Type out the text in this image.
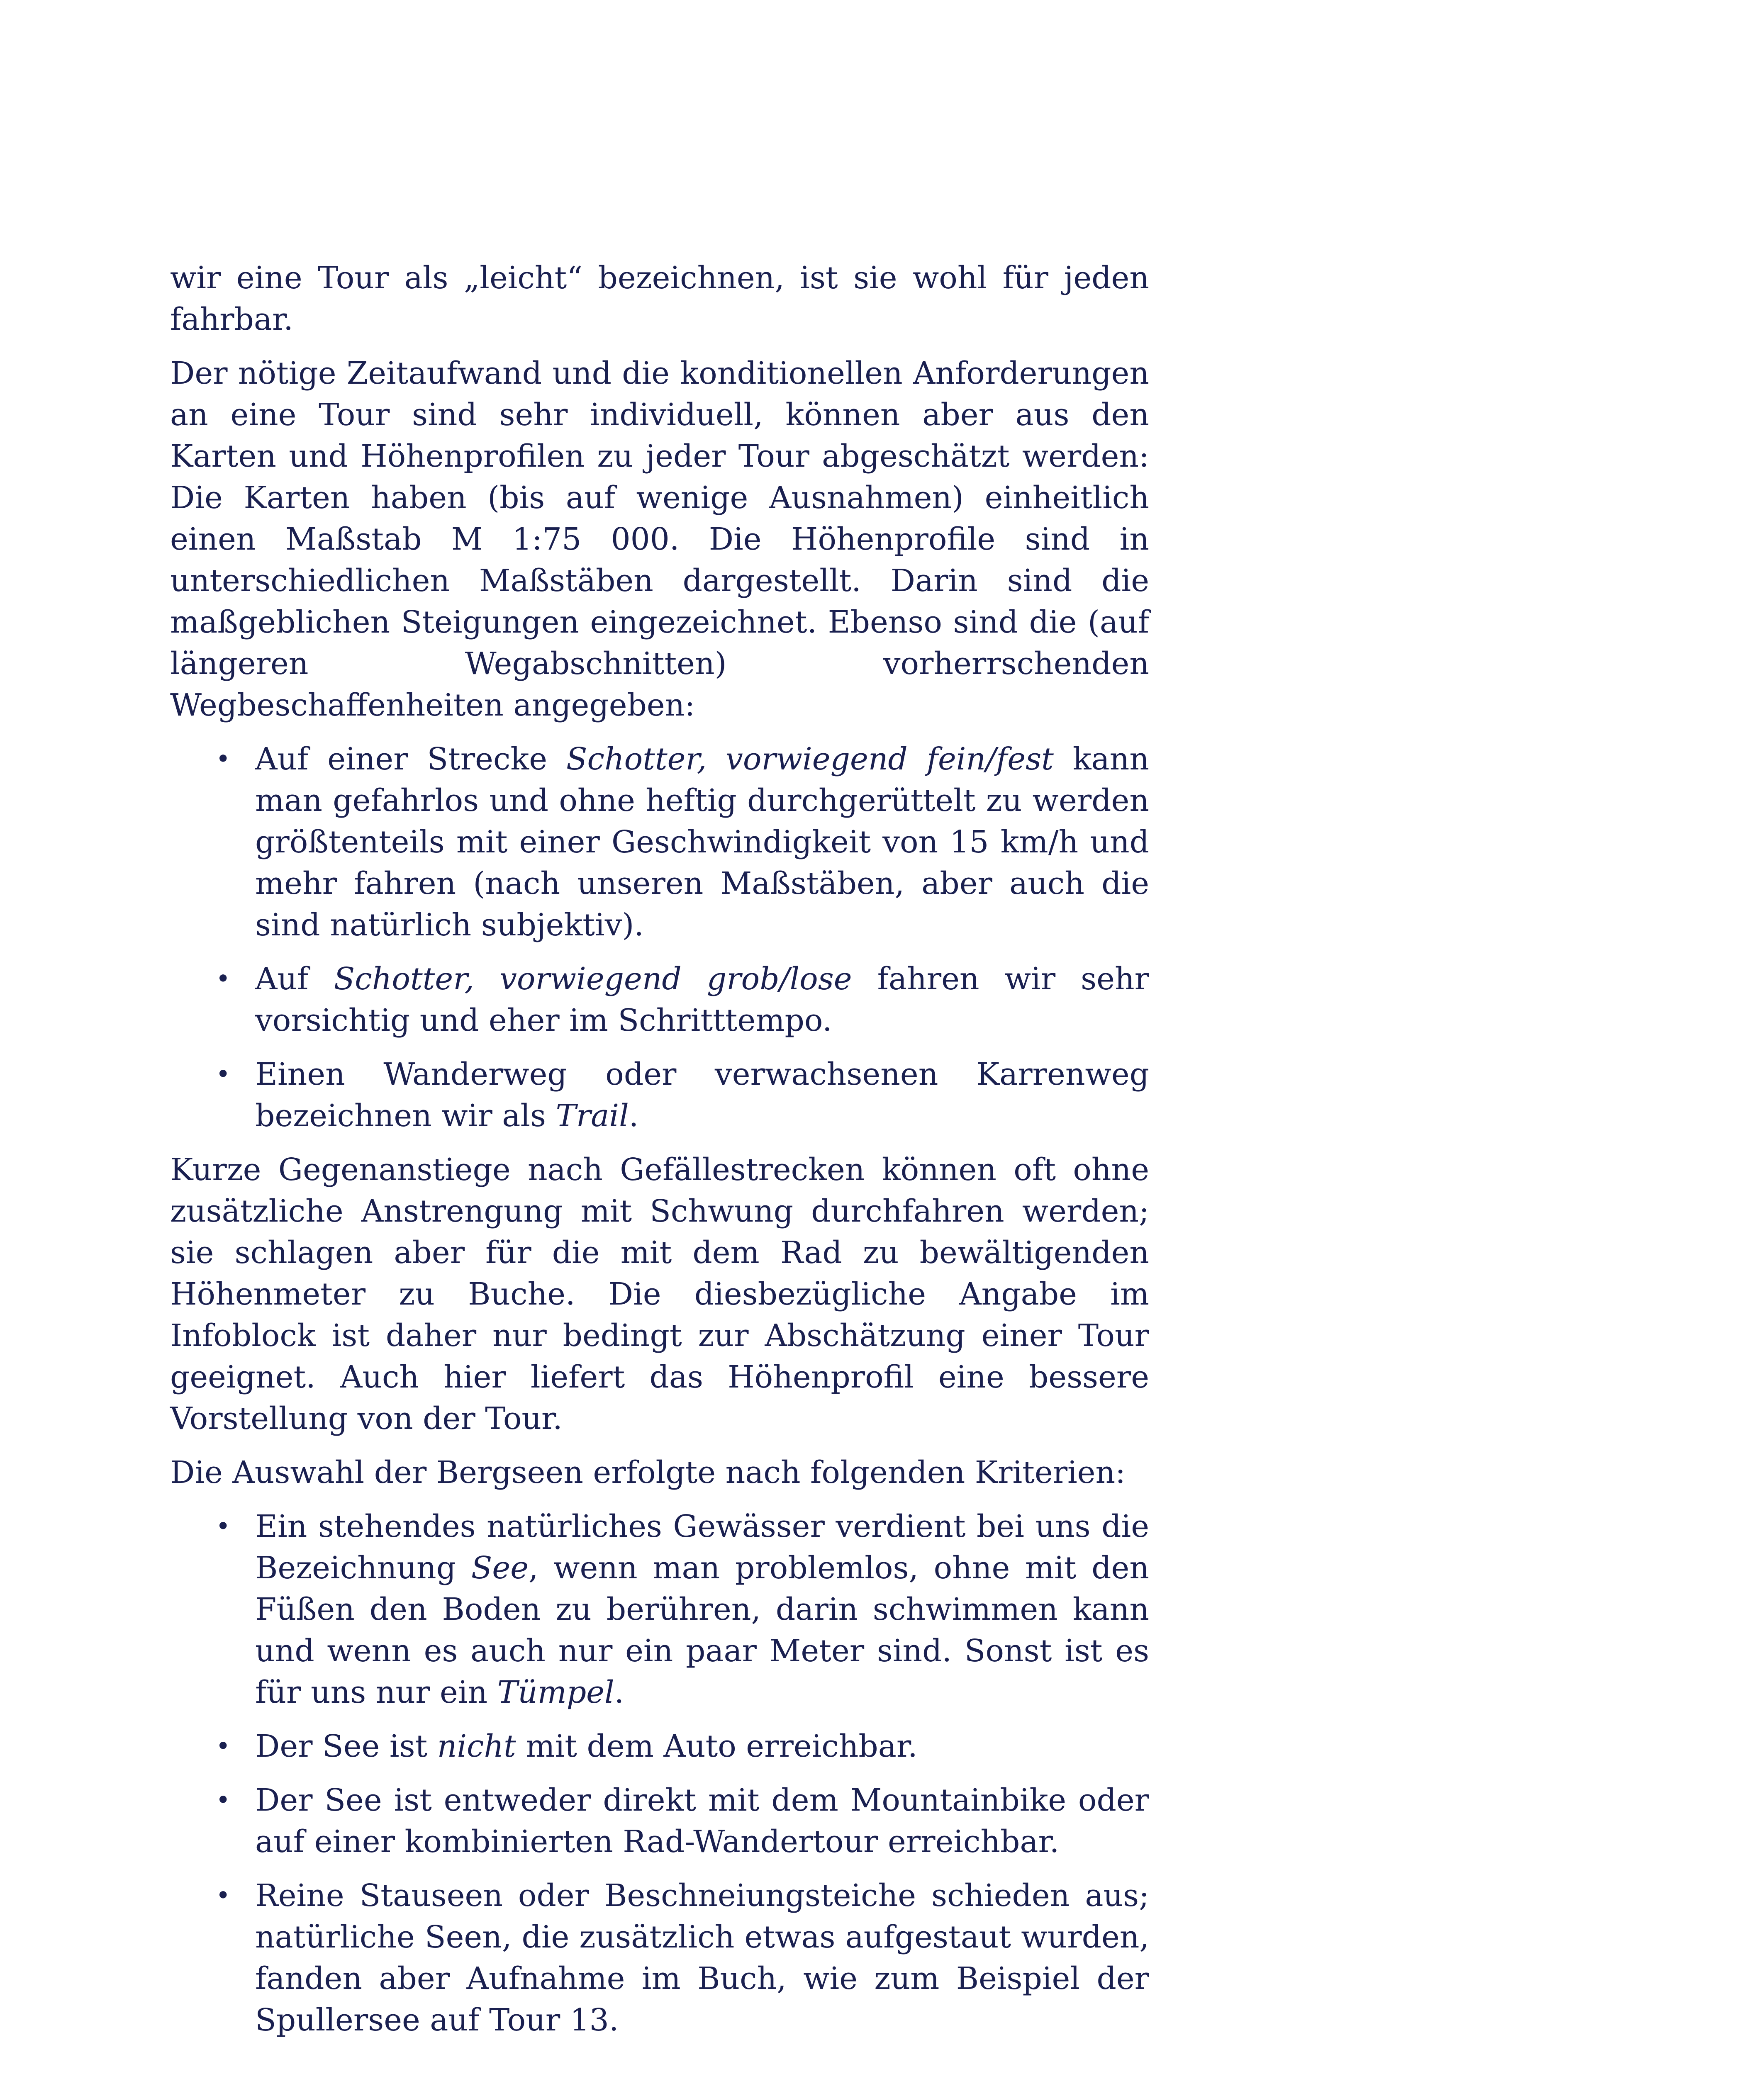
wir eine Tour als „leicht“ bezeichnen, ist sie wohl für jeden fahrbar.

Der nötige Zeitaufwand und die konditionellen Anforderungen an eine Tour sind sehr individuell, können aber aus den Karten und Höhenprofilen zu jeder Tour abgeschätzt werden: Die Karten haben (bis auf wenige Ausnahmen) einheitlich einen Maßstab M 1:75 000. Die Höhenprofile sind in unterschiedlichen Maßstäben dargestellt. Darin sind die maßgeblichen Steigungen eingezeichnet. Ebenso sind die (auf längeren Wegabschnitten) vorherrschenden Wegbeschaffenheiten angegeben:

• Auf einer Strecke Schotter, vorwiegend fein/fest kann man gefahrlos und ohne heftig durchgerüttelt zu werden größtenteils mit einer Geschwindigkeit von 15 km/h und mehr fahren (nach unseren Maßstäben, aber auch die sind natürlich subjektiv).
• Auf Schotter, vorwiegend grob/lose fahren wir sehr vorsichtig und eher im Schritttempo.
• Einen Wanderweg oder verwachsenen Karrenweg bezeichnen wir als Trail.

Kurze Gegenanstiege nach Gefällestrecken können oft ohne zusätzliche Anstrengung mit Schwung durchfahren werden; sie schlagen aber für die mit dem Rad zu bewältigenden Höhenmeter zu Buche. Die diesbezügliche Angabe im Infoblock ist daher nur bedingt zur Abschätzung einer Tour geeignet. Auch hier liefert das Höhenprofil eine bessere Vorstellung von der Tour.

Die Auswahl der Bergseen erfolgte nach folgenden Kriterien:

• Ein stehendes natürliches Gewässer verdient bei uns die Bezeichnung See, wenn man problemlos, ohne mit den Füßen den Boden zu berühren, darin schwimmen kann und wenn es auch nur ein paar Meter sind. Sonst ist es für uns nur ein Tümpel.
• Der See ist nicht mit dem Auto erreichbar.
• Der See ist entweder direkt mit dem Mountainbike oder auf einer kombinierten Rad-Wandertour erreichbar.
• Reine Stauseen oder Beschneiungsteiche schieden aus; natürliche Seen, die zusätzlich etwas aufgestaut wurden, fanden aber Aufnahme im Buch, wie zum Beispiel der Spullersee auf Tour 13.
